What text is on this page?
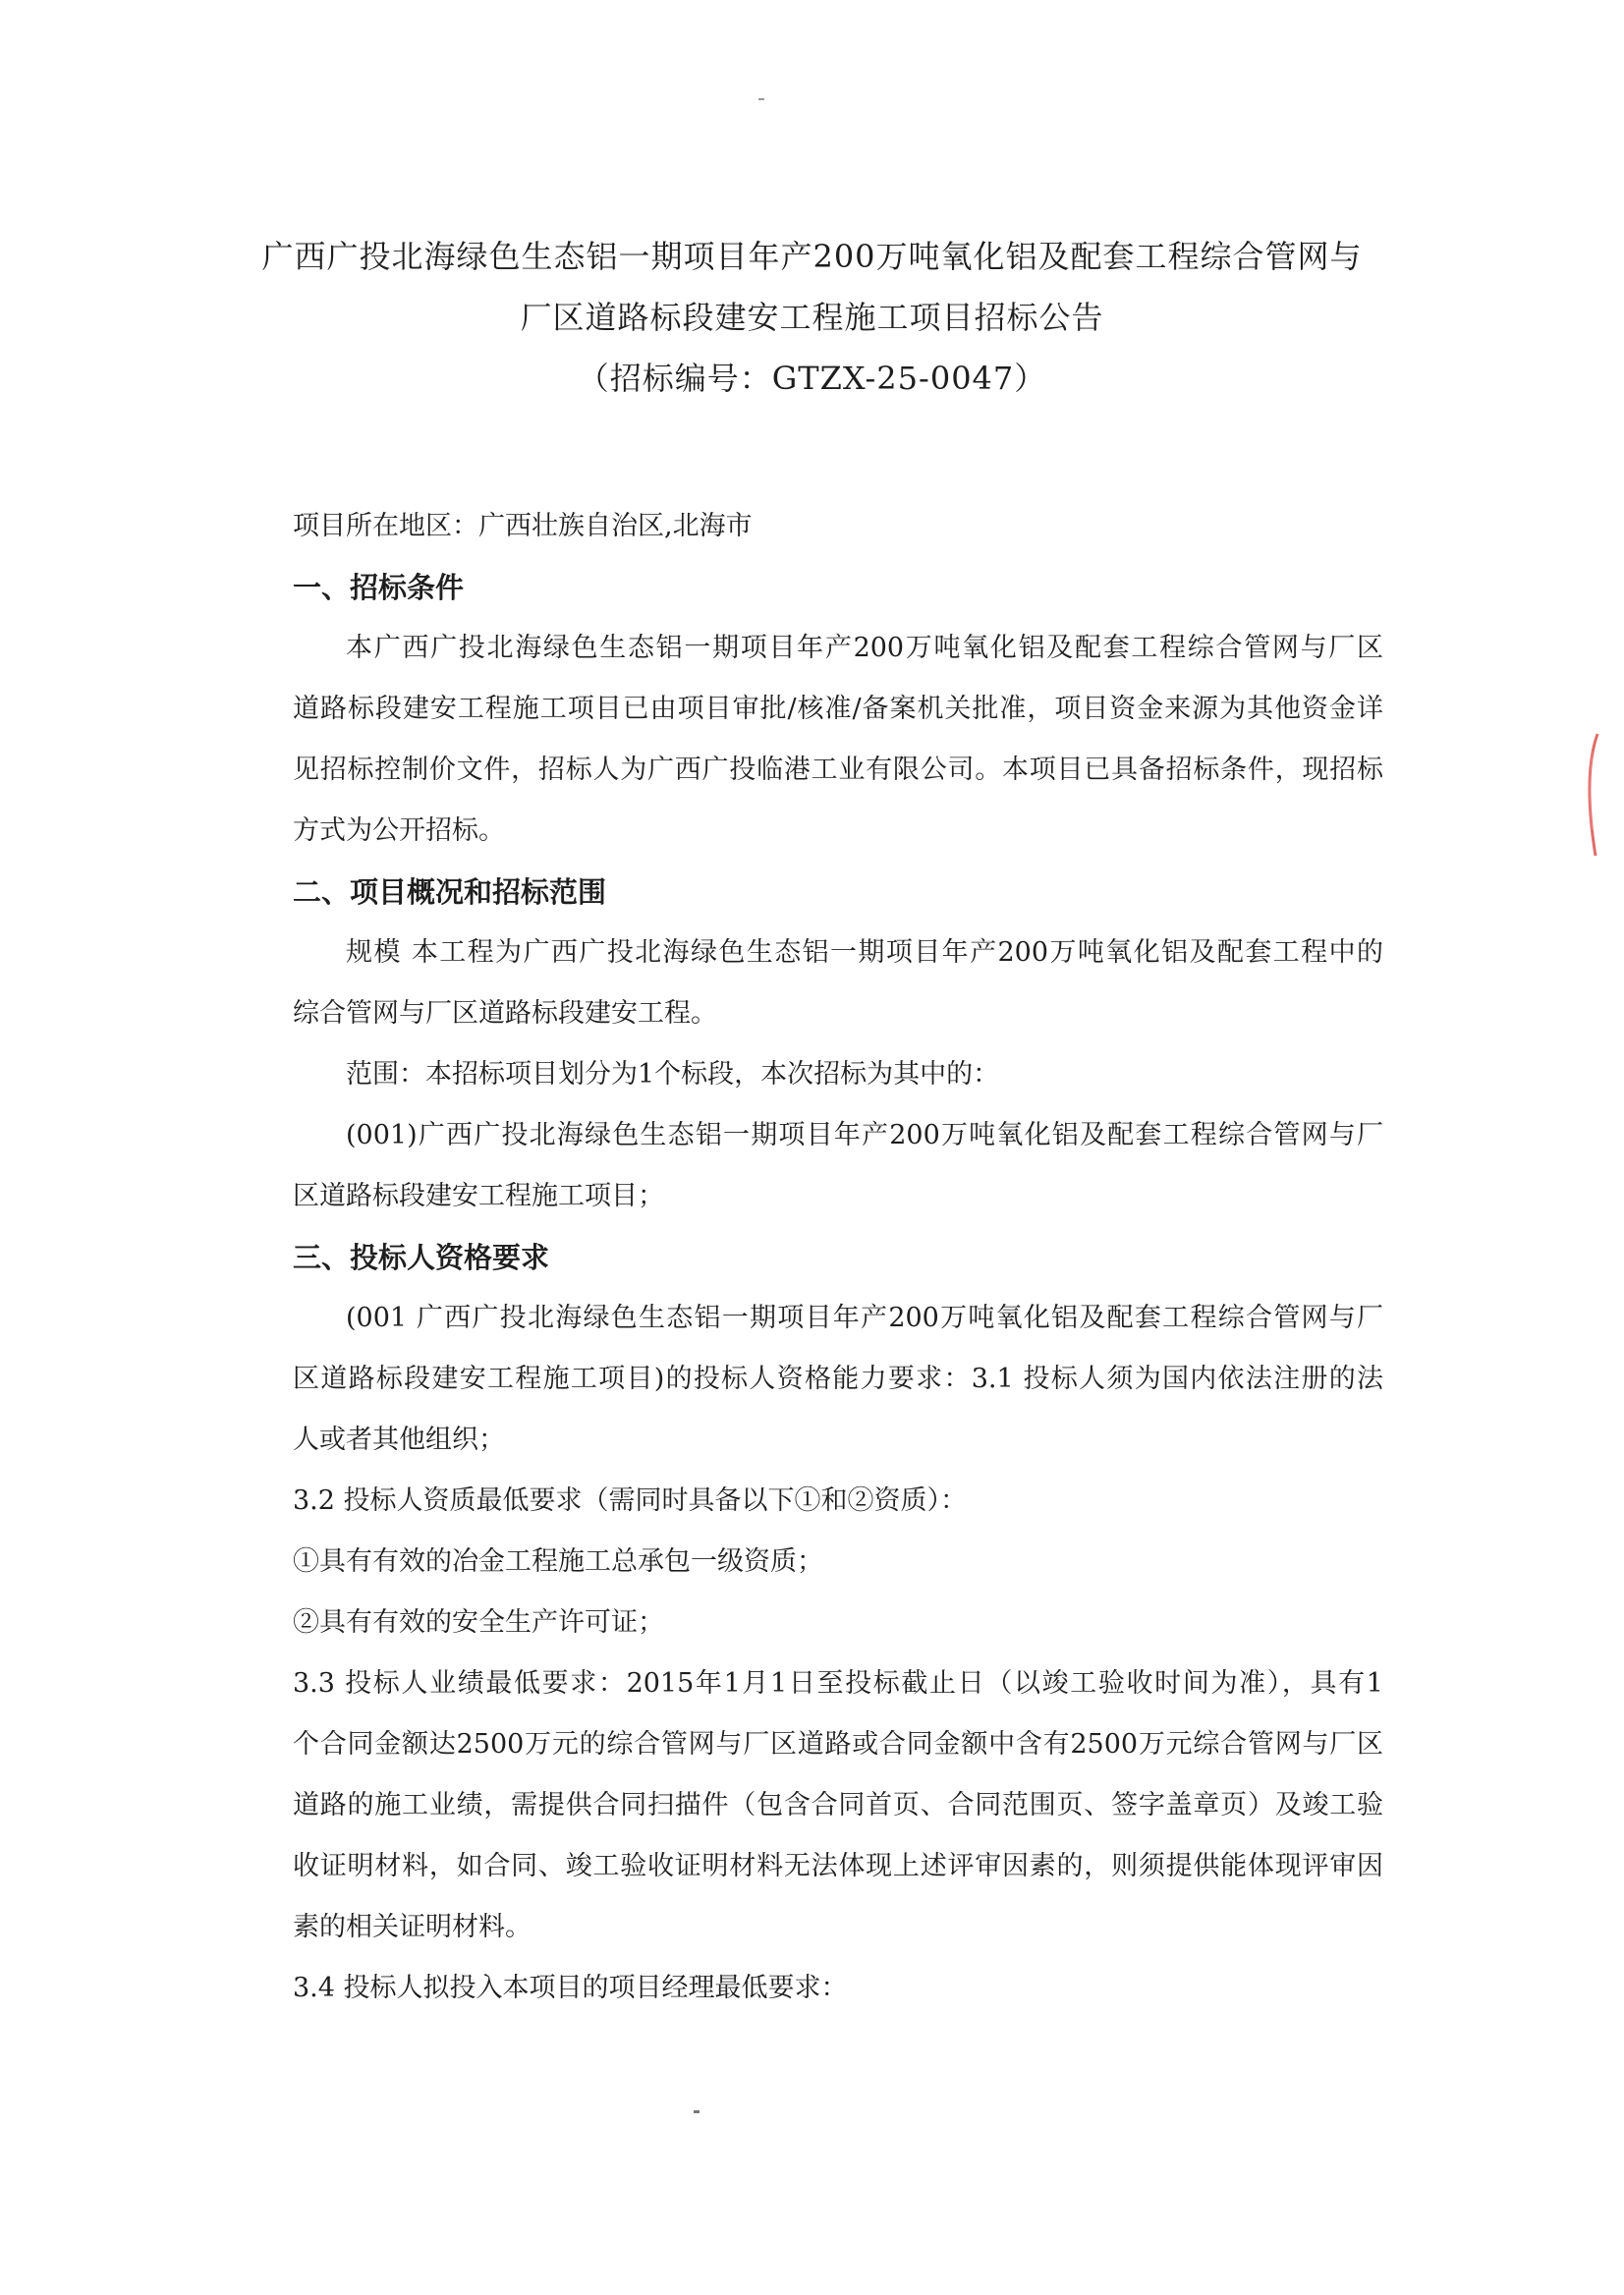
广西广投北海绿色生态铝一期项目年产200万吨氧化铝及配套工程综合管网与
厂区道路标段建安工程施工项目招标公告
（招标编号：GTZX-25-0047）
项目所在地区：广西壮族自治区,北海市
一、招标条件
本广西广投北海绿色生态铝一期项目年产200万吨氧化铝及配套工程综合管网与厂区
道路标段建安工程施工项目已由项目审批/核准/备案机关批准，项目资金来源为其他资金详
见招标控制价文件，招标人为广西广投临港工业有限公司。本项目已具备招标条件，现招标
方式为公开招标。
二、项目概况和招标范围
规模 本工程为广西广投北海绿色生态铝一期项目年产200万吨氧化铝及配套工程中的
综合管网与厂区道路标段建安工程。
范围：本招标项目划分为1个标段，本次招标为其中的：
(001)广西广投北海绿色生态铝一期项目年产200万吨氧化铝及配套工程综合管网与厂
区道路标段建安工程施工项目；
三、投标人资格要求
(001 广西广投北海绿色生态铝一期项目年产200万吨氧化铝及配套工程综合管网与厂
区道路标段建安工程施工项目)的投标人资格能力要求：3.1 投标人须为国内依法注册的法
人或者其他组织；
3.2 投标人资质最低要求（需同时具备以下①和②资质）：
①具有有效的冶金工程施工总承包一级资质；
②具有有效的安全生产许可证；
3.3 投标人业绩最低要求：2015年1月1日至投标截止日（以竣工验收时间为准），具有1
个合同金额达2500万元的综合管网与厂区道路或合同金额中含有2500万元综合管网与厂区
道路的施工业绩，需提供合同扫描件（包含合同首页、合同范围页、签字盖章页）及竣工验
收证明材料，如合同、竣工验收证明材料无法体现上述评审因素的，则须提供能体现评审因
素的相关证明材料。
3.4 投标人拟投入本项目的项目经理最低要求：
